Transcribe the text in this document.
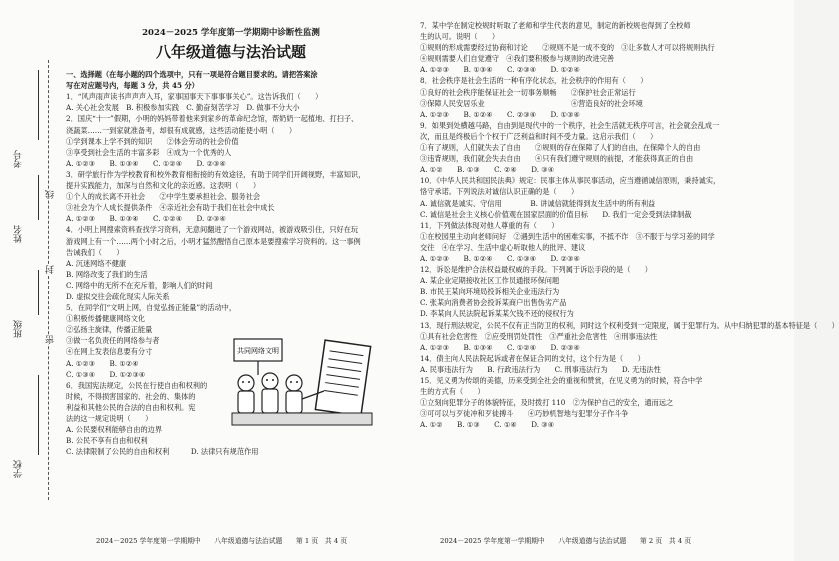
考号
姓名
班级
学校
线
封
密

2024－2025 学年度第一学期期中诊断性监测

八年级道德与法治试题

一、选择题（在每小题的四个选项中，只有一项是符合题目要求的。请把答案涂

写在对应题号内，每题 3 分，共 45 分）

1．“风声雨声读书声声声入耳，家事国事天下事事事关心”。这告诉我们（　　）

A. 关心社会发展　B. 积极参加实践　C. 勤奋刻苦学习　D. 做事不分大小

2．国庆“十一”假期，小明的妈妈带着他来到家乡的革命纪念馆，帮奶奶一起植地、打扫子、

浇蔬菜……一到家就准备考，却很有成就感，这些活动能使小明（　　）

①学到课本上学不到的知识　　②体会劳动的社会价值

③享受到社会生活的丰富多彩　④成为一个优秀的人

A. ①②③　　B. ①③④　　C. ①②④　　D. ②③④

3．研学旅行作为学校教育和校外教育相衔接的有效途径，有助于同学们开阔视野，丰富知识，

提升实践能力，加深与自然和文化的亲近感。这表明（　　）

①个人的成长离不开社会　　②中学生要承担社会、服务社会

③社会为个人成长提供条件　④亲近社会有助于我们在社会中成长

A. ①②③　　B. ①③④　　C. ①②④　　D. ②③④

4．小明上网搜索资料查找学习资料，无意间翻进了一个游戏网站，被游戏吸引住，只好在玩

游戏网上有一个……两个小时之后，小明才猛然醒悟自己原本是要搜索学习资料的。这一事例

告诫我们（　　）

A. 沉迷网络不健康

B. 网络改变了我们的生活

C. 网络中的无所不在充斥着，影响人们的时间

D. 虚拟交往会疏化现实人际关系

5．在同学们“文明上网，自觉弘扬正能量”的活动中，

①积极传播健康网络文化

②弘扬主旋律，传播正能量

③做一名负责任的网络参与者

④在网上发表信息要有分寸

A. ①②③　　B. ①②④

C. ①③④　　D. ①②③④

6．我国宪法规定，公民在行使自由和权利的

时候，不得损害国家的、社会的、集体的

利益和其他公民的合法的自由和权利。宪

法的这一规定说明（　　）

A. 公民要权利能够自由的边界

B. 公民不享有自由和权利

C. 法律限制了公民的自由和权利　　　D. 法律只有规范作用

共同网络文明

7．某中学在制定校规时听取了老师和学生代表的意见，制定的新校规也得到了全校师

生的认可。说明（　　）

①规则的形成需要经过协商和讨论　　②规则不是一成不变的　③让多数人才可以将规则执行

④规则需要人们自觉遵守　④我们要积极参与规则的改进完善

A. ①②③　　B. ①③④　　C. ②③④　　D. ①②④

8．社会秩序是社会生活的一种有序化状态，社会秩序的作用有（　　）

①良好的社会秩序能保证社会一切事务顺畅　　②保护社会正常运行

③保障人民安居乐业　　　　　　　　　　　　④营造良好的社会环境

A. ①②③　　B. ①②④　　C. ②③④　　D. ①③④

9．如果到处横越马路，自由到是现代中的一个秩序，社会生活就无秩序可言，社会就会乱成一

次，而且是终极后个个权于广泛利益和时间不受力量。这启示我们（　　）

①有了规则，人们就失去了自由　　②规则的存在保障了人们的自由，在保障个人的自由

③违背规则，我们就会失去自由　　④只有我们遵守规则的前提，才能获得真正的自由

A. ①②　　B. ①③　　C. ②④　　D. ③④

10．《中华人民共和国民法典》规定：民事主体从事民事活动，应当遵循诚信原则，秉持诚实，

恪守承诺。下列说法对诚信认识正确的是（　　）

A. 诚信就是诚实、守信用　　　　B. 讲诚信就能得到友生活中的所有利益

C. 诚信是社会主义核心价值观在国家层面的价值目标　　D. 我们一定会受到法律制裁

11．下列做法体现对他人尊重的有（　　）

①在校园里主动向老师问好　②遇到生活中的困难实事，不抵不诈　③不服于与学习差的同学

交往　④在学习、生活中虚心听取他人的批评、建议

A. ①②③　　B. ①②④　　C. ①③④　　D. ②③④

12．诉讼是维护合法权益最权威的手段。下列属于诉讼手段的是（　　）

A. 某企业定期接收社区工作员通报环保问题

B. 市民王某向环境局投诉相关企业违法行为

C. 张某向消费者协会投诉某商户出售伪劣产品

D. 李某向人民法院起诉某某欠钱不还的侵权行为

13．现行刑法规定，公民不仅有正当防卫的权利，同时这个权利受到一定限度，属于犯罪行为。从中归纳犯罪的基本特征是（　　）

①具有社会危害性　②应受刑罚处罚性　③严重社会危害性　④刑事违法性

A. ①②③　　B. ①③④　　C. ①②④　　D. ②③④

14．债主向人民法院起诉或者在保证合同的支付，这个行为是（　　）

A. 民事违法行为　　B. 行政违法行为　　C. 刑事违法行为　　D. 无违法性

15．见义勇为传颂的美德，历来受到全社会的重视和赞赏，在见义勇为的时候，符合中学

生的方式有（　　）

①立刻向犯罪分子的体貌特征，及时拨打 110　②为保护自己的安全，通而远之

③可可以与歹徒冲和歹徒搏斗　　④巧妙机智地与犯罪分子作斗争

A. ①②　　B. ①③　　C. ①④　　D. ③④

2024－2025 学年度第一学期期中　　八年级道德与法治试题　　第 1 页　共 4 页	2024－2025 学年度第一学期期中　　八年级道德与法治试题　　第 2 页　共 4 页
